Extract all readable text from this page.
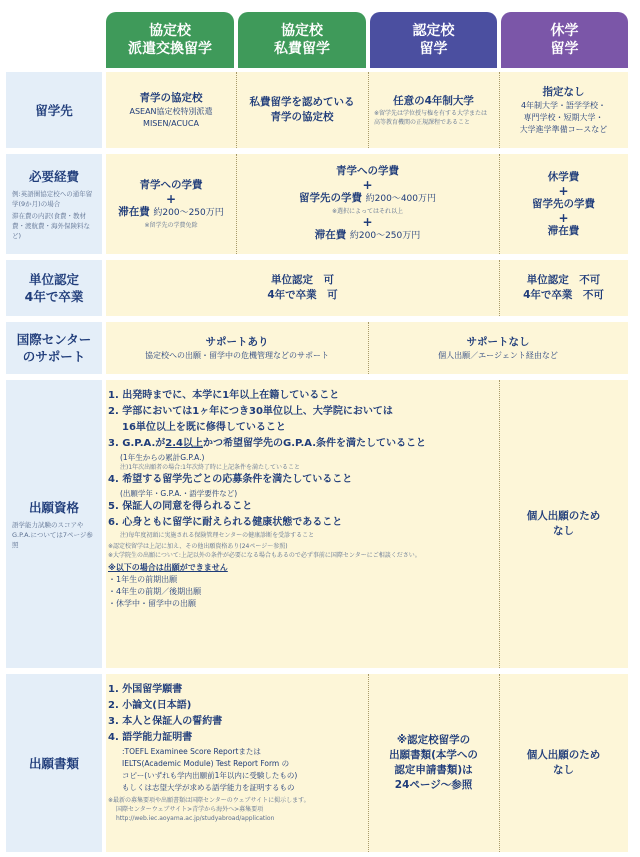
協定校
派遣交換留学
協定校
私費留学
認定校
留学
休学
留学
留学先
青学の協定校
ASEAN協定校特別派遣
MISEN/ACUCA
私費留学を認めている
青学の協定校
任意の4年制大学
※留学先は学位授与権を有する大学または高等教育機関の正規課程であること
指定なし
4年制大学・語学学校・
専門学校・短期大学・
大学進学準備コースなど
必要経費
例:英語圏協定校への通年留学(9か月)の場合
滞在費の内訳(食費・教材費・渡航費・海外保険料など)
青学への学費
+
滞在費 約200〜250万円
※留学先の学費免除
青学への学費
+
留学先の学費 約200〜400万円
※選択によってはそれ以上
+
滞在費 約200〜250万円
休学費
+
留学先の学費
+
滞在費
単位認定
4年で卒業
単位認定　可
4年で卒業　可
単位認定　不可
4年で卒業　不可
国際センター
のサポート
サポートあり
協定校への出願・留学中の危機管理などのサポート
サポートなし
個人出願／エージェント経由など
出願資格
語学能力試験のスコアやG.P.A.については7ページ参照
1. 出発時までに、本学に1年以上在籍していること
2. 学部においては1ヶ年につき30単位以上、大学院においては
16単位以上を既に修得していること
3. G.P.A.が2.4以上かつ希望留学先のG.P.A.条件を満たしていること
(1年生からの累計G.P.A.)
注)1年次出願者の場合:1年次終了時に上記条件を満たしていること
4. 希望する留学先ごとの応募条件を満たしていること
(出願学年・G.P.A.・語学要件など)
5. 保証人の同意を得られること
6. 心身ともに留学に耐えられる健康状態であること
注)毎年度初頭に実施される保険管理センターの健康診断を受診すること
※認定校留学は上記に加え、その他出願資格あり(24ページ〜参照)
※大学院生の出願について:上記以外の条件が必要になる場合もあるので必ず事前に国際センターにご相談ください。
※以下の場合は出願ができません
・1年生の前期出願
・4年生の前期／後期出願
・休学中・留学中の出願
個人出願のため
なし
出願書類
1. 外国留学願書
2. 小論文(日本語)
3. 本人と保証人の誓約書
4. 語学能力証明書
:TOEFL Examinee Score Reportまたは
IELTS(Academic Module) Test Report Form の
コピー(いずれも学内出願前1年以内に受験したもの)
もしくは志望大学が求める語学能力を証明するもの
※最新の募集要項や出願書類は国際センターのウェブサイトに掲示します。
国際センターウェブサイト>青学から海外へ>募集要項
http://web.iec.aoyama.ac.jp/studyabroad/application
※認定校留学の
出願書類(本学への
認定申請書類)は
24ページ〜参照
個人出願のため
なし
